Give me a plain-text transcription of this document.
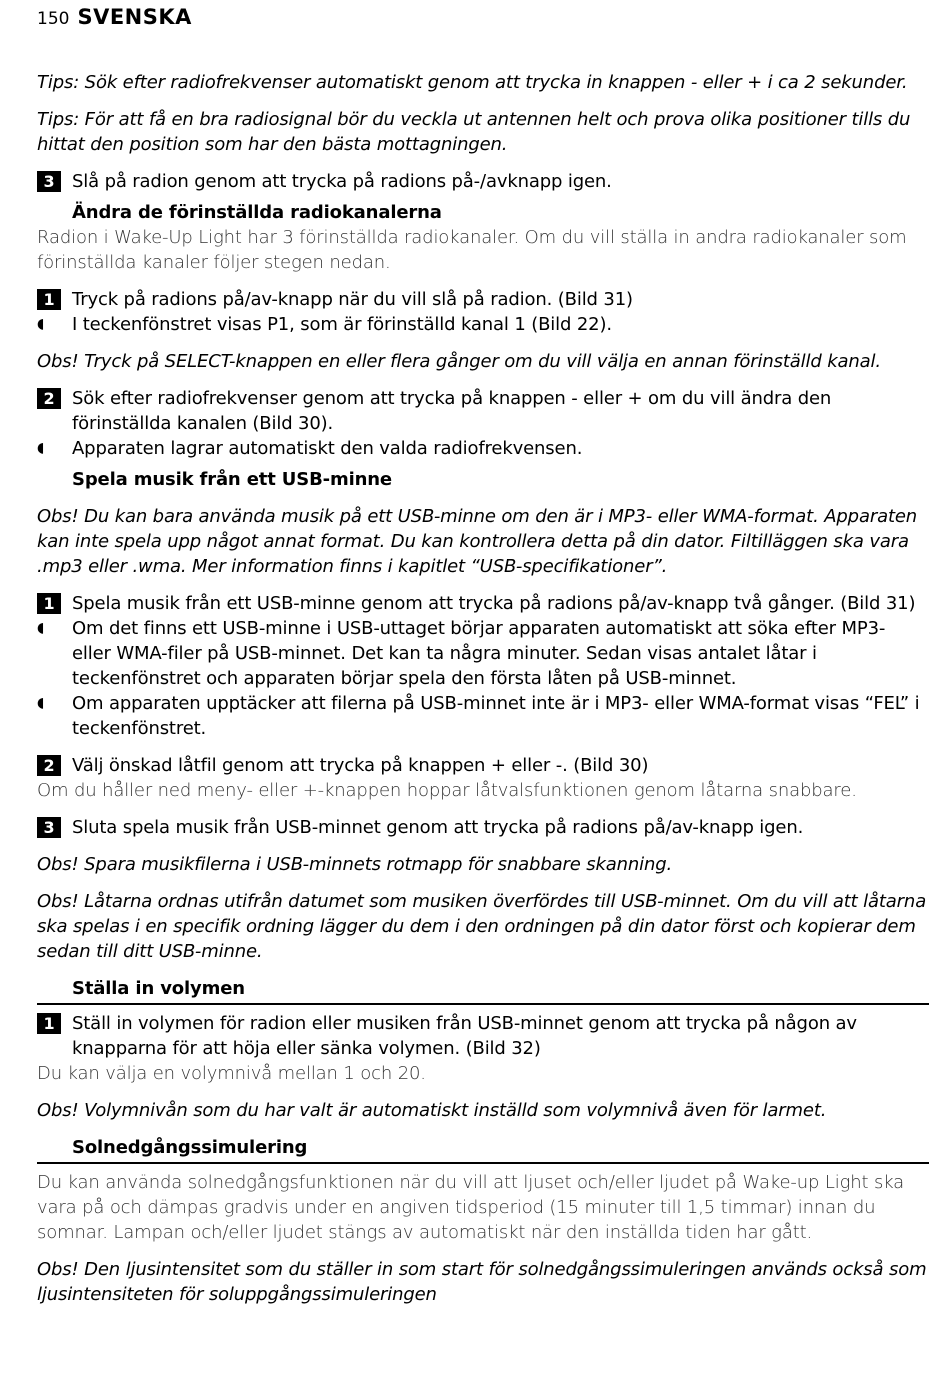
150 SVENSKA
Tips: Sök efter radiofrekvenser automatiskt genom att trycka in knappen - eller + i ca 2 sekunder.
Tips: För att få en bra radiosignal bör du veckla ut antennen helt och prova olika positioner tills du hittat den position som har den bästa mottagningen.
3 Slå på radion genom att trycka på radions på-/avknapp igen.
Ändra de förinställda radiokanalerna
Radion i Wake-Up Light har 3 förinställda radiokanaler. Om du vill ställa in andra radiokanaler som förinställda kanaler följer stegen nedan.
1 Tryck på radions på/av-knapp när du vill slå på radion. (Bild 31)
◖	I teckenfönstret visas P1, som är förinställd kanal 1 (Bild 22).
Obs! Tryck på SELECT-knappen en eller flera gånger om du vill välja en annan förinställd kanal.
2 Sök efter radiofrekvenser genom att trycka på knappen - eller + om du vill ändra den förinställda kanalen (Bild 30).
◖	Apparaten lagrar automatiskt den valda radiofrekvensen.
Spela musik från ett USB-minne
Obs! Du kan bara använda musik på ett USB-minne om den är i MP3- eller WMA-format. Apparaten kan inte spela upp något annat format. Du kan kontrollera detta på din dator. Filtilläggen ska vara .mp3 eller .wma. Mer information finns i kapitlet “USB-specifikationer”.
1 Spela musik från ett USB-minne genom att trycka på radions på/av-knapp två gånger. (Bild 31)
◖	Om det finns ett USB-minne i USB-uttaget börjar apparaten automatiskt att söka efter MP3- eller WMA-filer på USB-minnet. Det kan ta några minuter. Sedan visas antalet låtar i teckenfönstret och apparaten börjar spela den första låten på USB-minnet.
◖	Om apparaten upptäcker att filerna på USB-minnet inte är i MP3- eller WMA-format visas “FEL” i teckenfönstret.
2 Välj önskad låtfil genom att trycka på knappen + eller -. (Bild 30)
Om du håller ned meny- eller +-knappen hoppar låtvalsfunktionen genom låtarna snabbare.
3 Sluta spela musik från USB-minnet genom att trycka på radions på/av-knapp igen.
Obs! Spara musikfilerna i USB-minnets rotmapp för snabbare skanning.
Obs! Låtarna ordnas utifrån datumet som musiken överfördes till USB-minnet. Om du vill att låtarna ska spelas i en specifik ordning lägger du dem i den ordningen på din dator först och kopierar dem sedan till ditt USB-minne.
Ställa in volymen
1 Ställ in volymen för radion eller musiken från USB-minnet genom att trycka på någon av knapparna för att höja eller sänka volymen. (Bild 32)
Du kan välja en volymnivå mellan 1 och 20.
Obs! Volymnivån som du har valt är automatiskt inställd som volymnivå även för larmet.
Solnedgångssimulering
Du kan använda solnedgångsfunktionen när du vill att ljuset och/eller ljudet på Wake-up Light ska vara på och dämpas gradvis under en angiven tidsperiod (15 minuter till 1,5 timmar) innan du somnar. Lampan och/eller ljudet stängs av automatiskt när den inställda tiden har gått.
Obs! Den ljusintensitet som du ställer in som start för solnedgångssimuleringen används också som ljusintensiteten för soluppgångssimuleringen
